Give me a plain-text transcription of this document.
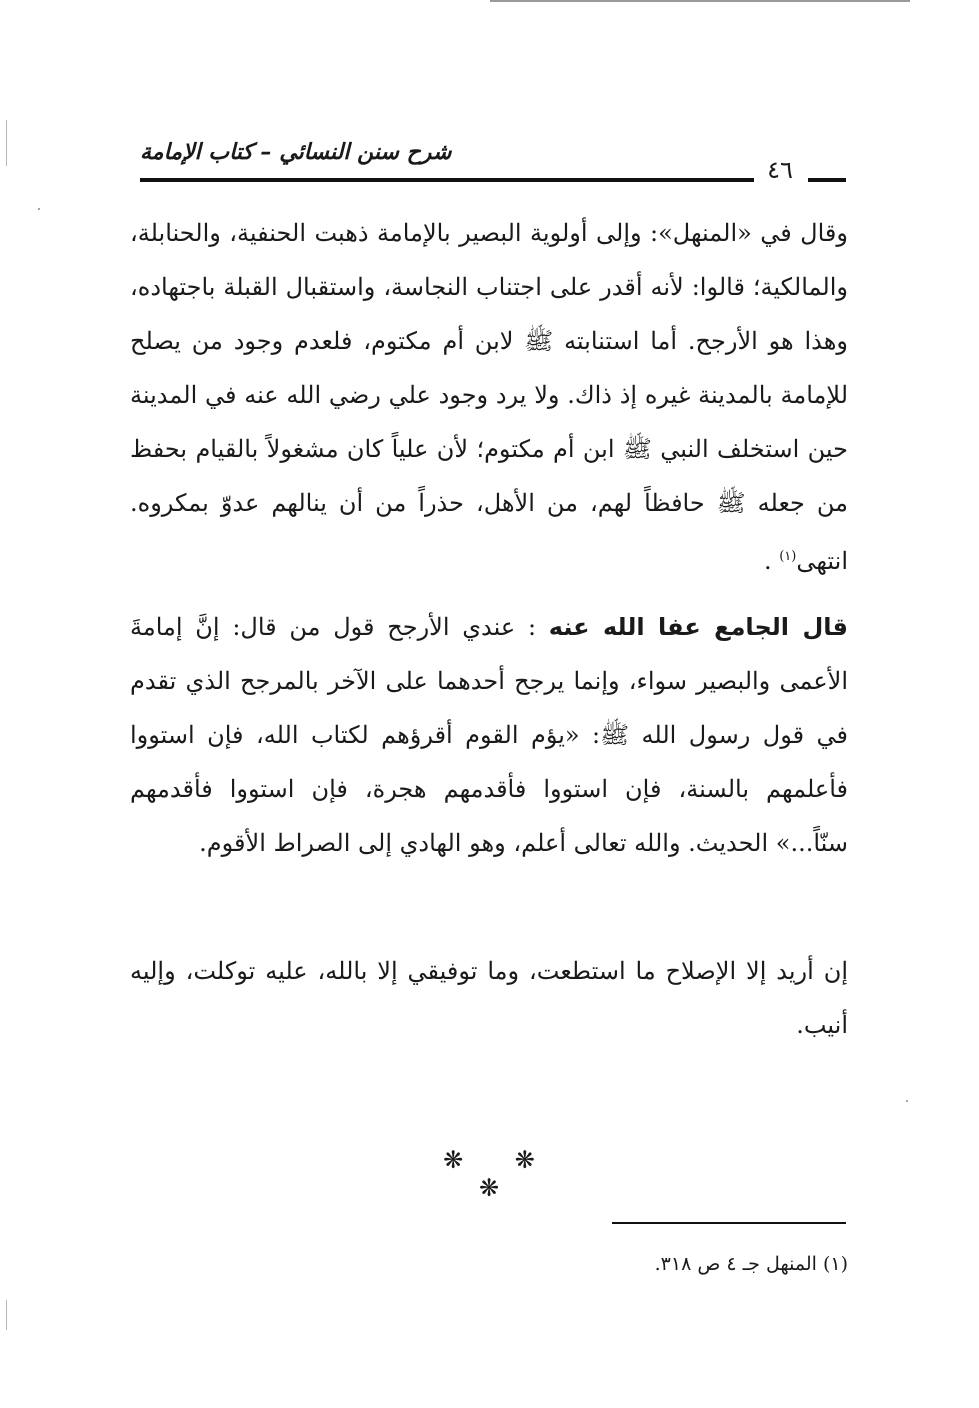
شرح سنن النسائي – كتاب الإمامة
٤٦

وقال في «المنهل»: وإلى أولوية البصير بالإمامة ذهبت الحنفية، والحنابلة، والمالكية؛ قالوا: لأنه أقدر على اجتناب النجاسة، واستقبال القبلة باجتهاده، وهذا هو الأرجح. أما استنابته ﷺ لابن أم مكتوم، فلعدم وجود من يصلح للإمامة بالمدينة غيره إذ ذاك. ولا يرد وجود علي رضي الله عنه في المدينة حين استخلف النبي ﷺ ابن أم مكتوم؛ لأن علياً كان مشغولاً بالقيام بحفظ من جعله ﷺ حافظاً لهم، من الأهل، حذراً من أن ينالهم عدوّ بمكروه. انتهى$^{(١)}$ .

قال الجامع عفا الله عنه : عندي الأرجح قول من قال: إنَّ إمامةَ الأعمى والبصير سواء، وإنما يرجح أحدهما على الآخر بالمرجح الذي تقدم في قول رسول الله ﷺ: «يؤم القوم أقرؤهم لكتاب الله، فإن استووا فأعلمهم بالسنة، فإن استووا فأقدمهم هجرة، فإن استووا فأقدمهم سنّاً...» الحديث. والله تعالى أعلم، وهو الهادي إلى الصراط الأقوم.

إن أريد إلا الإصلاح ما استطعت، وما توفيقي إلا بالله، عليه توكلت، وإليه أنيب.

❋ ❋ ❋
(١) المنهل جـ ٤ ص ٣١٨.
